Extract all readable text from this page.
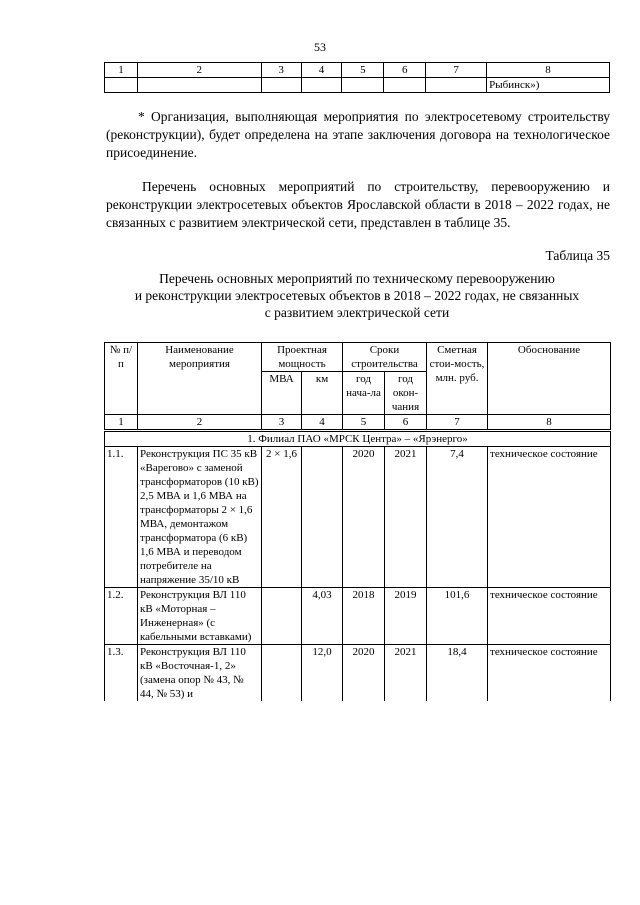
53
1	2	3	4	5	6	7	8
							Рыбинск»)

* Организация, выполняющая мероприятия по электросетевому строительству (реконструкции), будет определена на этапе заключения договора на технологическое присоединение.

Перечень основных мероприятий по строительству, перевооружению и реконструкции электросетевых объектов Ярославской области в 2018 – 2022 годах, не связанных с развитием электрической сети, представлен в таблице 35.

Таблица 35
Перечень основных мероприятий по техническому перевооружению
и реконструкции электросетевых объектов в 2018 – 2022 годах, не связанных
с развитием электрической сети
№ п/п	Наименование мероприятия	Проектная мощность		Сроки строительства		Сметная стои-мость, млн. руб.	Обоснование
		МВА	км	год нача-ла	год окон-чания		
1	2	3	4	5	6	7	8
1. Филиал ПАО «МРСК Центра» – «Ярэнерго»							
1.1.	Реконструкция ПС 35 кВ «Варегово» с заменой трансформаторов (10 кВ) 2,5 МВА и 1,6 МВА на трансформаторы 2 × 1,6 МВА, демонтажом трансформатора (6 кВ) 1,6 МВА и переводом потребителе на напряжение 35/10 кВ	2 × 1,6		2020	2021	7,4	техническое состояние
1.2.	Реконструкция ВЛ 110 кВ «Моторная – Инженерная» (с кабельными вставками)		4,03	2018	2019	101,6	техническое состояние
1.3.	Реконструкция ВЛ 110 кВ «Восточная-1, 2» (замена опор № 43, № 44, № 53) и		12,0	2020	2021	18,4	техническое состояние
